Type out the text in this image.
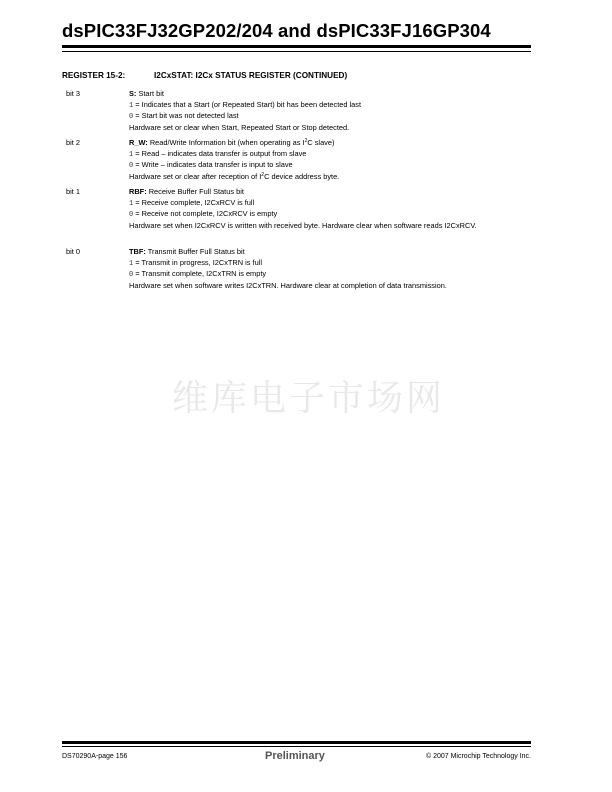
dsPIC33FJ32GP202/204 and dsPIC33FJ16GP304
REGISTER 15-2:	I2CxSTAT: I2Cx STATUS REGISTER (CONTINUED)
bit 3	S: Start bit
1 = Indicates that a Start (or Repeated Start) bit has been detected last
0 = Start bit was not detected last
Hardware set or clear when Start, Repeated Start or Stop detected.
bit 2	R_W: Read/Write Information bit (when operating as $I^2C$ slave)
1 = Read – indicates data transfer is output from slave
0 = Write – indicates data transfer is input to slave
Hardware set or clear after reception of $I^2C$ device address byte.
bit 1	RBF: Receive Buffer Full Status bit
1 = Receive complete, I2CxRCV is full
0 = Receive not complete, I2CxRCV is empty
Hardware set when I2CxRCV is written with received byte. Hardware clear when software reads I2CxRCV.
bit 0	TBF: Transmit Buffer Full Status bit
1 = Transmit in progress, I2CxTRN is full
0 = Transmit complete, I2CxTRN is empty
Hardware set when software writes I2CxTRN. Hardware clear at completion of data transmission.
维库电子市场网
DS70290A-page 156	Preliminary	© 2007 Microchip Technology Inc.
